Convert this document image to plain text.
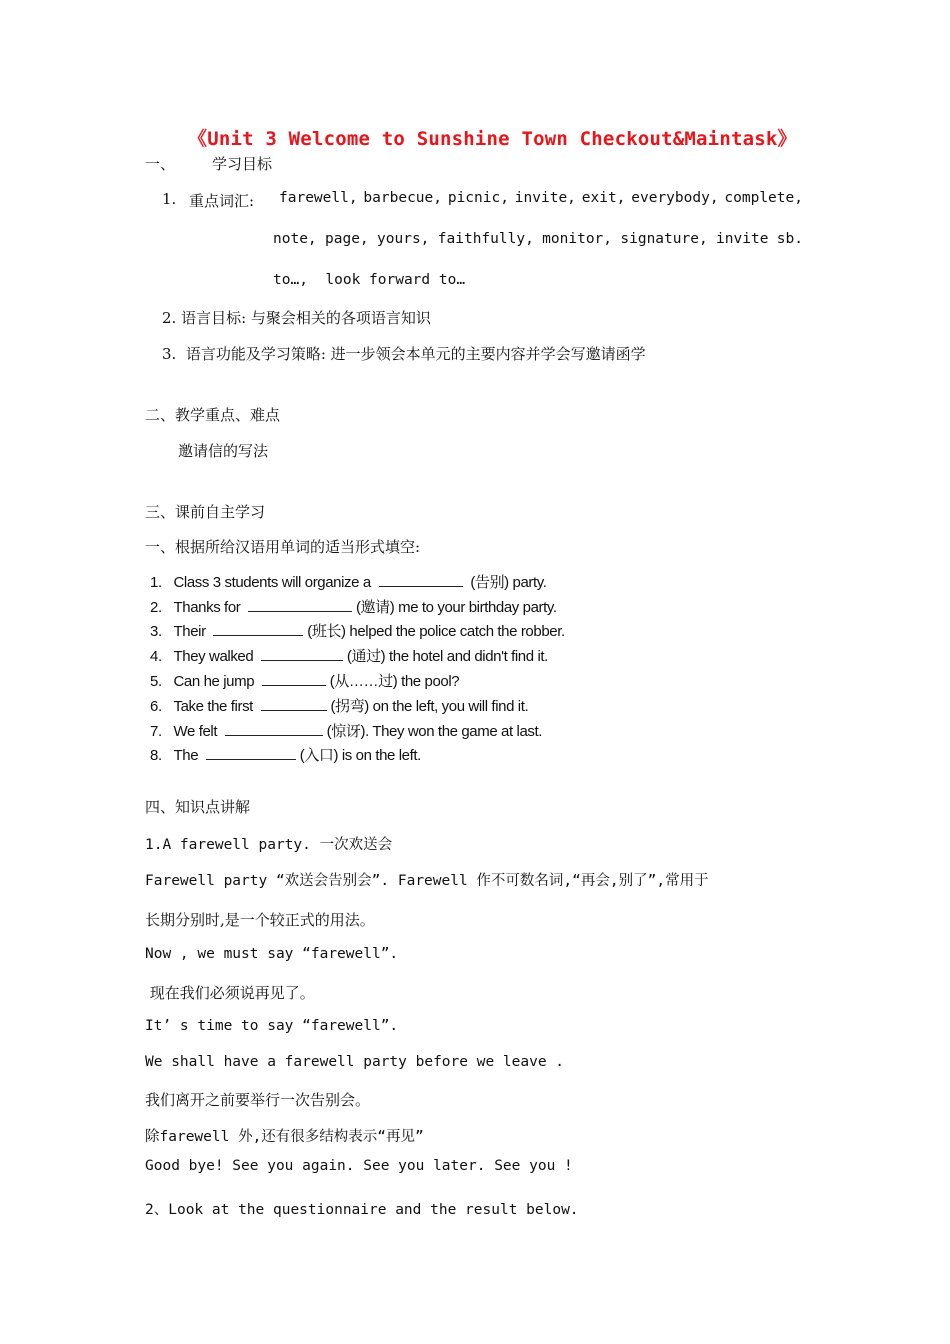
《Unit 3 Welcome to Sunshine Town Checkout&Maintask》
一、 学习目标
1. 重点词汇: farewell, barbecue, picnic, invite, exit, everybody, complete,
note, page, yours, faithfully, monitor, signature, invite sb.
to…,  look forward to…
2. 语言目标: 与聚会相关的各项语言知识
3.  语言功能及学习策略: 进一步领会本单元的主要内容并学会写邀请函学
二、教学重点、难点
邀请信的写法
三、课前自主学习
一、根据所给汉语用单词的适当形式填空:
1. Class 3 students will organize a	(告别) party.
2. Thanks for	(邀请) me to your birthday party.
3. Their	(班长) helped the police catch the robber.
4. They walked	(通过) the hotel and didn't find it.
5. Can he jump	(从……过) the pool?
6. Take the first	(拐弯) on the left, you will find it.
7. We felt	(惊讶). They won the game at last.
8. The	(入口) is on the left.
四、知识点讲解
1.A farewell party. 一次欢送会
Farewell party “欢送会告别会”. Farewell 作不可数名词,“再会,别了”,常用于
长期分别时,是一个较正式的用法。
Now , we must say “farewell”.
现在我们必须说再见了。
It’ s time to say “farewell”.
We shall have a farewell party before we leave .
我们离开之前要举行一次告别会。
除farewell 外,还有很多结构表示“再见”
Good bye! See you again. See you later. See you !
2、Look at the questionnaire and the result below.
